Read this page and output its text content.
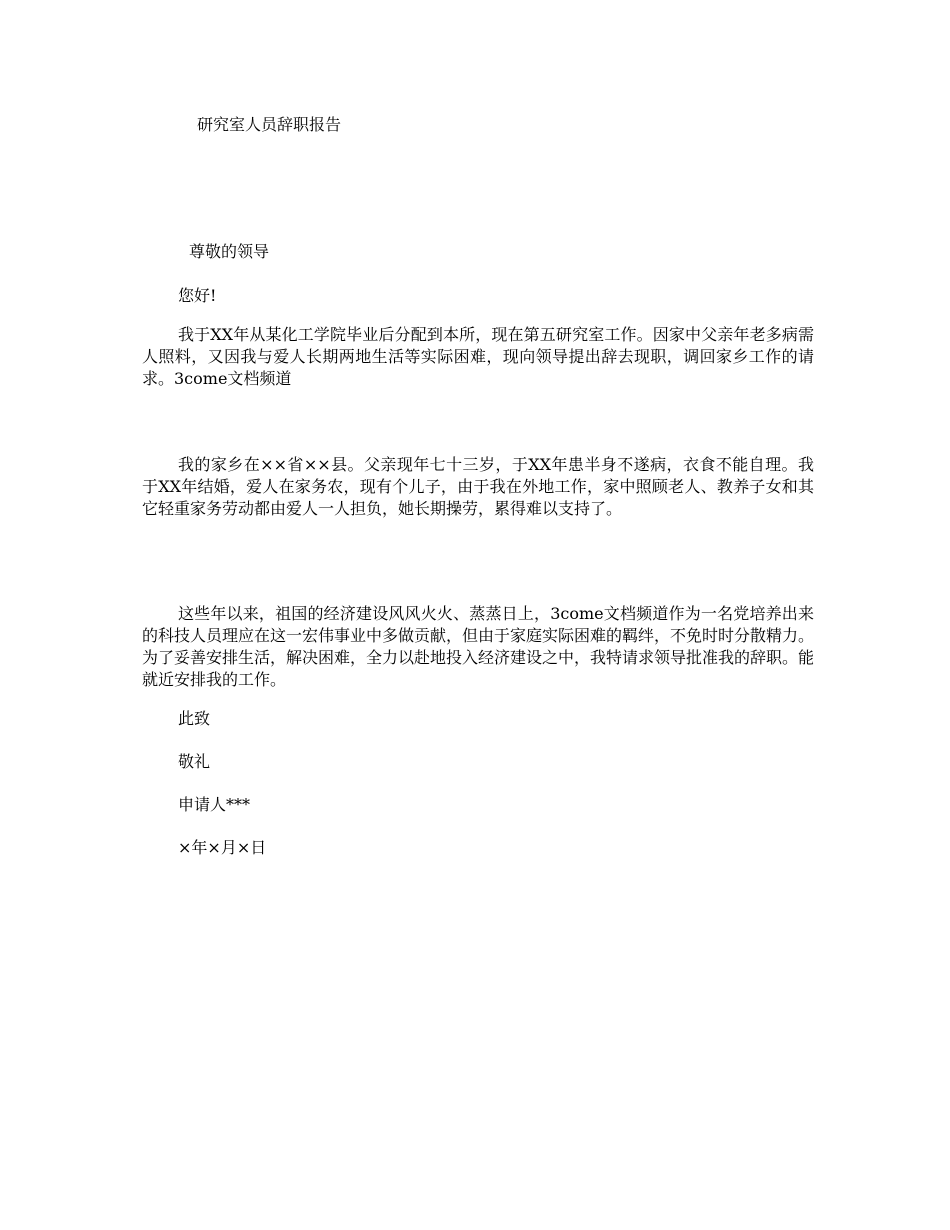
研究室人员辞职报告
尊敬的领导
您好!
我于XX年从某化工学院毕业后分配到本所，现在第五研究室工作。因家中父亲年老多病需人照料，又因我与爱人长期两地生活等实际困难，现向领导提出辞去现职，调回家乡工作的请求。3come文档频道
我的家乡在××省××县。父亲现年七十三岁，于XX年患半身不遂病，衣食不能自理。我于XX年结婚，爱人在家务农，现有个儿子，由于我在外地工作，家中照顾老人、教养子女和其它轻重家务劳动都由爱人一人担负，她长期操劳，累得难以支持了。
这些年以来，祖国的经济建设风风火火、蒸蒸日上，3come文档频道作为一名党培养出来的科技人员理应在这一宏伟事业中多做贡献，但由于家庭实际困难的羁绊，不免时时分散精力。为了妥善安排生活，解决困难，全力以赴地投入经济建设之中，我特请求领导批准我的辞职。能就近安排我的工作。
此致
敬礼
申请人***
×年×月×日
